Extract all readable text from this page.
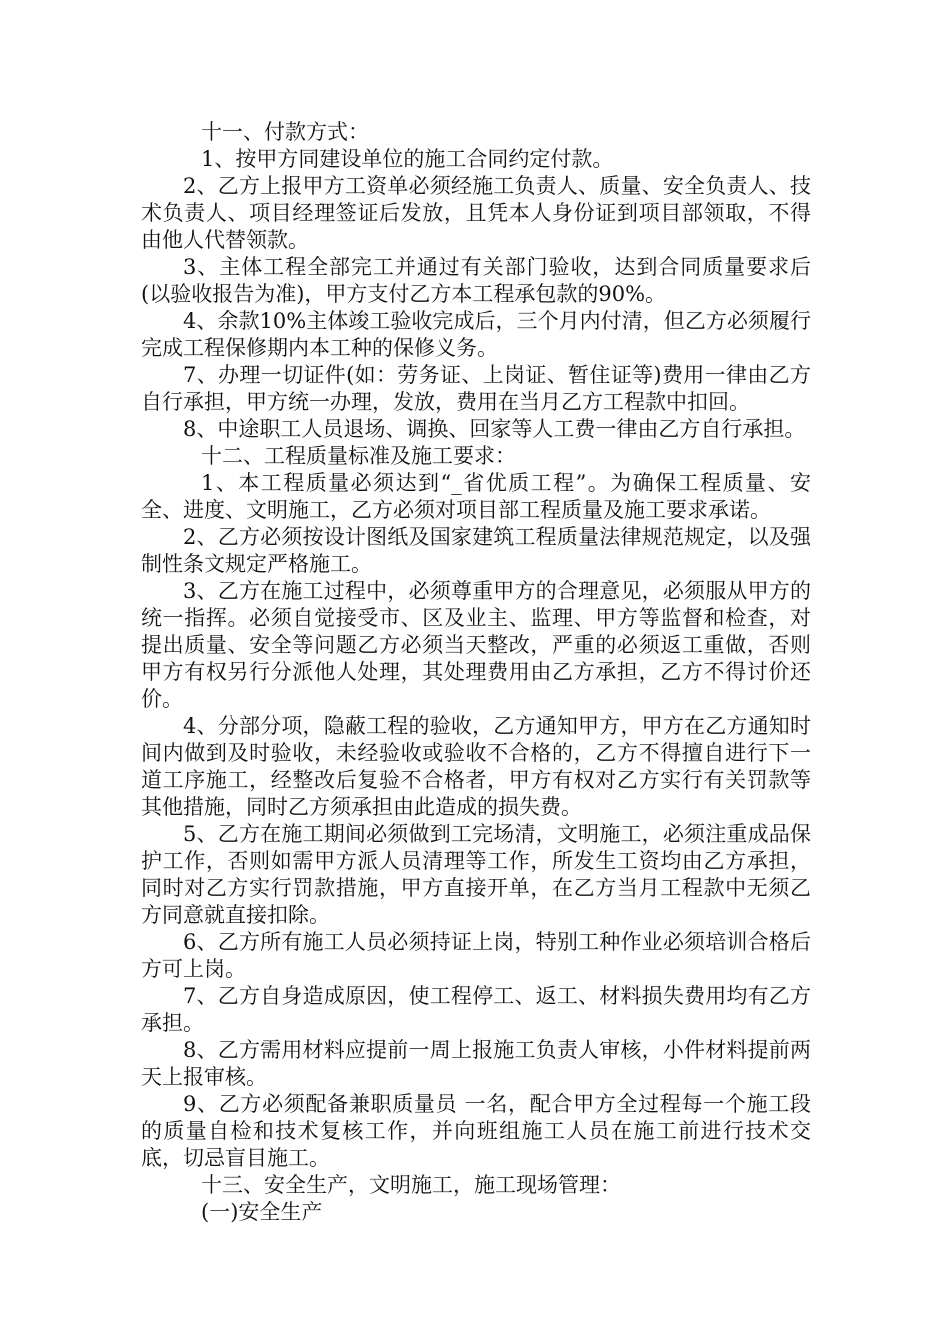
十一、付款方式：

1、按甲方同建设单位的施工合同约定付款。

2、乙方上报甲方工资单必须经施工负责人、质量、安全负责人、技术负责人、项目经理签证后发放，且凭本人身份证到项目部领取，不得由他人代替领款。

3、主体工程全部完工并通过有关部门验收，达到合同质量要求后(以验收报告为准)，甲方支付乙方本工程承包款的90%。

4、余款10%主体竣工验收完成后，三个月内付清，但乙方必须履行完成工程保修期内本工种的保修义务。

7、办理一切证件(如：劳务证、上岗证、暂住证等)费用一律由乙方自行承担，甲方统一办理，发放，费用在当月乙方工程款中扣回。

8、中途职工人员退场、调换、回家等人工费一律由乙方自行承担。

十二、工程质量标准及施工要求：

1、本工程质量必须达到“_省优质工程”。为确保工程质量、安全、进度、文明施工，乙方必须对项目部工程质量及施工要求承诺。

2、乙方必须按设计图纸及国家建筑工程质量法律规范规定，以及强制性条文规定严格施工。

3、乙方在施工过程中，必须尊重甲方的合理意见，必须服从甲方的统一指挥。必须自觉接受市、区及业主、监理、甲方等监督和检查，对提出质量、安全等问题乙方必须当天整改，严重的必须返工重做，否则甲方有权另行分派他人处理，其处理费用由乙方承担，乙方不得讨价还价。

4、分部分项，隐蔽工程的验收，乙方通知甲方，甲方在乙方通知时间内做到及时验收，未经验收或验收不合格的，乙方不得擅自进行下一道工序施工，经整改后复验不合格者，甲方有权对乙方实行有关罚款等其他措施，同时乙方须承担由此造成的损失费。

5、乙方在施工期间必须做到工完场清，文明施工，必须注重成品保护工作，否则如需甲方派人员清理等工作，所发生工资均由乙方承担，同时对乙方实行罚款措施，甲方直接开单，在乙方当月工程款中无须乙方同意就直接扣除。

6、乙方所有施工人员必须持证上岗，特别工种作业必须培训合格后方可上岗。

7、乙方自身造成原因，使工程停工、返工、材料损失费用均有乙方承担。

8、乙方需用材料应提前一周上报施工负责人审核，小件材料提前两天上报审核。

9、乙方必须配备兼职质量员 一名，配合甲方全过程每一个施工段的质量自检和技术复核工作，并向班组施工人员在施工前进行技术交底，切忌盲目施工。

十三、安全生产，文明施工，施工现场管理：

(一)安全生产
